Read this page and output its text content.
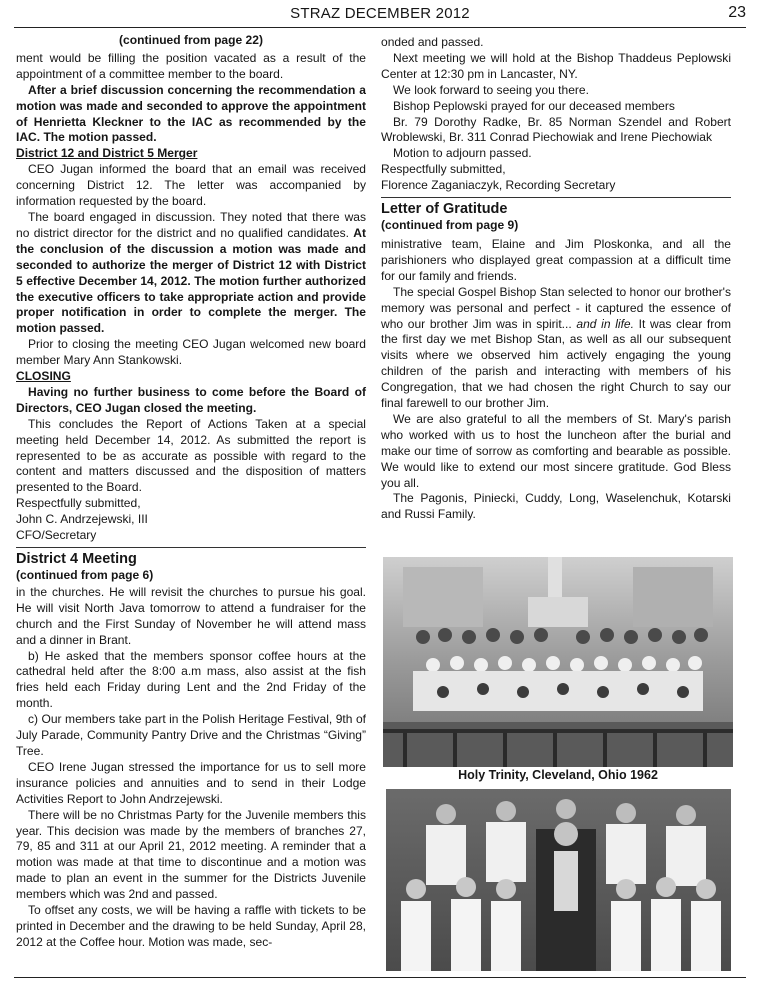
STRAZ DECEMBER 2012	23

(continued from page 22)

ment would be filling the position vacated as a result of the appointment of a committee member to the board.

After a brief discussion concerning the recommendation a motion was made and seconded to approve the appointment of Henrietta Kleckner to the IAC as recommended by the IAC. The motion passed.

District 12 and District 5 Merger

CEO Jugan informed the board that an email was received concerning District 12. The letter was accompanied by information requested by the board.

The board engaged in discussion. They noted that there was no district director for the district and no qualified candidates. At the conclusion of the discussion a motion was made and seconded to authorize the merger of District 12 with District 5 effective December 14, 2012. The motion further authorized the executive officers to take appropriate action and provide proper notification in order to complete the merger. The motion passed.

Prior to closing the meeting CEO Jugan welcomed new board member Mary Ann Stankowski.

CLOSING

Having no further business to come before the Board of Directors, CEO Jugan closed the meeting.

This concludes the Report of Actions Taken at a special meeting held December 14, 2012. As submitted the report is represented to be as accurate as possible with regard to the content and matters discussed and the disposition of matters presented to the Board.

Respectfully submitted,

John C. Andrzejewski, III

CFO/Secretary

District 4 Meeting

(continued from page 6)

in the churches. He will revisit the churches to pursue his goal. He will visit North Java tomorrow to attend a fundraiser for the church and the First Sunday of November he will attend mass and a dinner in Brant.

b) He asked that the members sponsor coffee hours at the cathedral held after the 8:00 a.m mass, also assist at the fish fries held each Friday during Lent and the 2nd Friday of the month.

c) Our members take part in the Polish Heritage Festival, 9th of July Parade, Community Pantry Drive and the Christmas “Giving” Tree.

CEO Irene Jugan stressed the importance for us to sell more insurance policies and annuities and to send in their Lodge Activities Report to John Andrzejewski.

There will be no Christmas Party for the Juvenile members this year. This decision was made by the members of branches 27, 79, 85 and 311 at our April 21, 2012 meeting. A reminder that a motion was made at that time to discontinue and a motion was made to plan an event in the summer for the Districts Juvenile members which was 2nd and passed.

To offset any costs, we will be having a raffle with tickets to be printed in December and the drawing to be held Sunday, April 28, 2012 at the Coffee hour. Motion was made, sec-

onded and passed.

Next meeting we will hold at the Bishop Thaddeus Peplowski Center at 12:30 pm in Lancaster, NY.

We look forward to seeing you there.

Bishop Peplowski prayed for our deceased members

Br. 79 Dorothy Radke, Br. 85 Norman Szendel and Robert Wroblewski, Br. 311 Conrad Piechowiak and Irene Piechowiak

Motion to adjourn passed.

Respectfully submitted,

Florence Zaganiaczyk, Recording Secretary

Letter of Gratitude

(continued from page 9)

ministrative team, Elaine and Jim Ploskonka, and all the parishioners who displayed great compassion at a difficult time for our family and friends.

The special Gospel Bishop Stan selected to honor our brother's memory was personal and perfect - it captured the essence of who our brother Jim was in spirit... and in life. It was clear from the first day we met Bishop Stan, as well as all our subsequent visits where we observed him actively engaging the young children of the parish and interacting with members of his Congregation, that we had chosen the right Church to say our final farewell to our brother Jim.

We are also grateful to all the members of St. Mary's parish who worked with us to host the luncheon after the burial and make our time of sorrow as comforting and bearable as possible. We would like to extend our most sincere gratitude. God Bless you all.

The Pagonis, Piniecki, Cuddy, Long, Waselenchuk, Kotarski and Russi Family.

Holy Trinity, Cleveland, Ohio 1962
